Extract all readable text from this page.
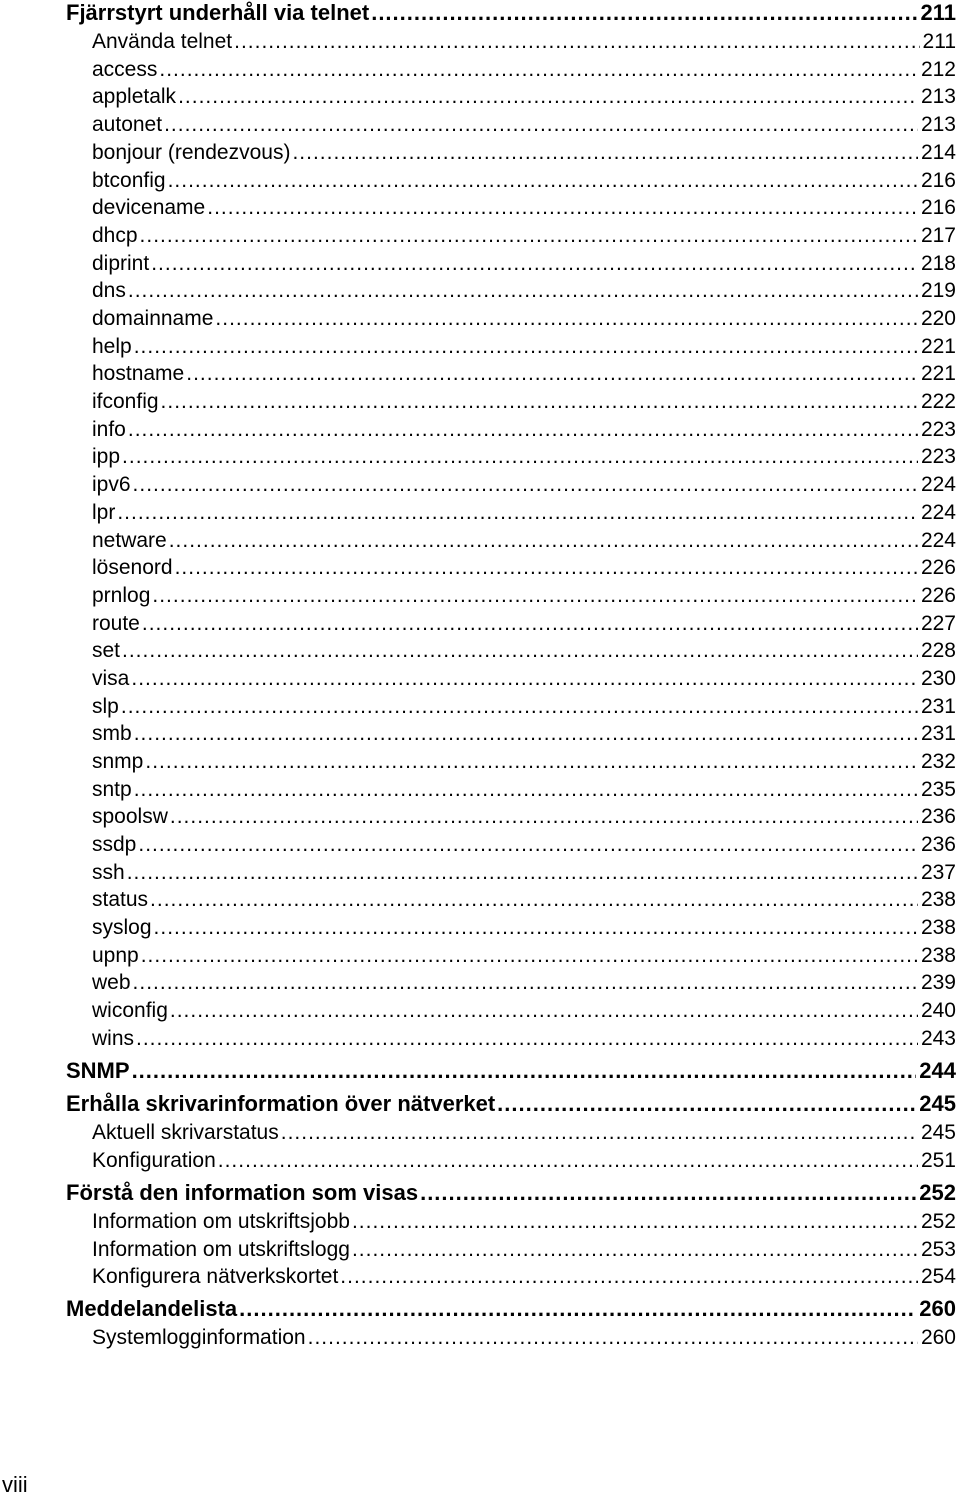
Fjärrstyrt underhåll via telnet .....	211
Använda telnet .....	211
access .....	212
appletalk .....	213
autonet .....	213
bonjour (rendezvous) .....	214
btconfig .....	216
devicename .....	216
dhcp .....	217
diprint .....	218
dns .....	219
domainname .....	220
help .....	221
hostname .....	221
ifconfig .....	222
info .....	223
ipp .....	223
ipv6 .....	224
lpr .....	224
netware .....	224
lösenord .....	226
prnlog .....	226
route .....	227
set .....	228
visa .....	230
slp .....	231
smb .....	231
snmp .....	232
sntp .....	235
spoolsw .....	236
ssdp .....	236
ssh .....	237
status .....	238
syslog .....	238
upnp .....	238
web .....	239
wiconfig .....	240
wins .....	243
SNMP .....	244
Erhålla skrivarinformation över nätverket .....	245
Aktuell skrivarstatus .....	245
Konfiguration .....	251
Förstå den information som visas .....	252
Information om utskriftsjobb .....	252
Information om utskriftslogg .....	253
Konfigurera nätverkskortet .....	254
Meddelandelista .....	260
Systemlogginformation .....	260
viii
